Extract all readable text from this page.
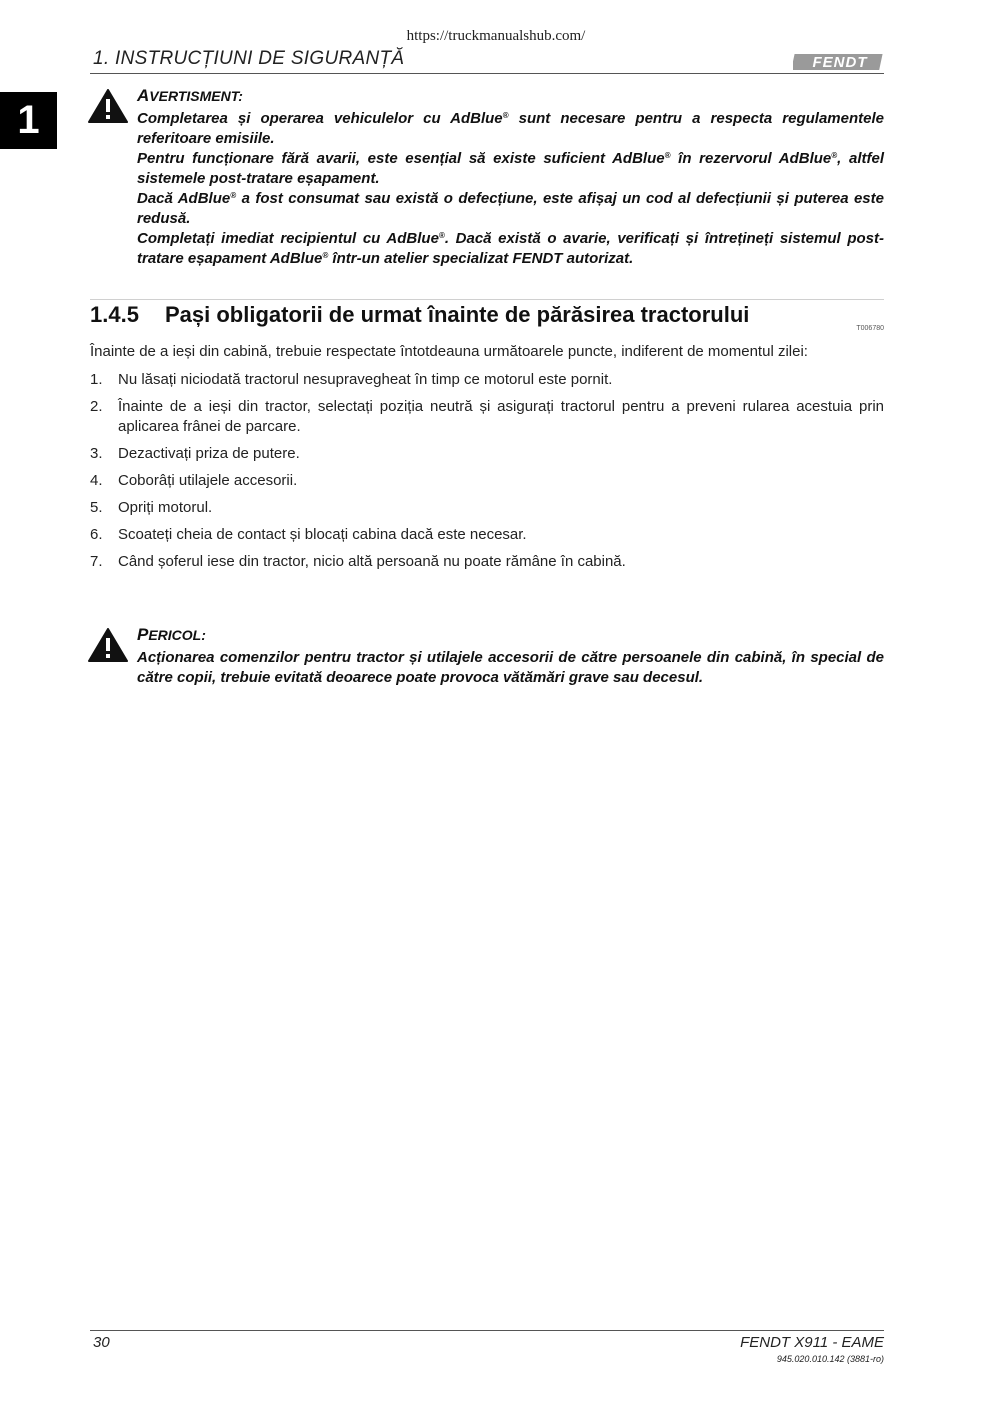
https://truckmanualshub.com/
1. INSTRUCȚIUNI DE SIGURANȚĂ	FENDT
1
AVERTISMENT:

Completarea și operarea vehiculelor cu AdBlue® sunt necesare pentru a respecta regulamentele referitoare emisiile.

Pentru funcționare fără avarii, este esențial să existe suficient AdBlue® în rezervorul AdBlue®, altfel sistemele post-tratare eșapament.

Dacă AdBlue® a fost consumat sau există o defecțiune, este afișaj un cod al defecțiunii și puterea este redusă.

Completați imediat recipientul cu AdBlue®. Dacă există o avarie, verificați și întrețineți sistemul post-tratare eșapament AdBlue® într-un atelier specializat FENDT autorizat.

1.4.5 Pași obligatorii de urmat înainte de părăsirea tractorului
T006780
Înainte de a ieși din cabină, trebuie respectate întotdeauna următoarele puncte, indiferent de momentul zilei:
1. Nu lăsați niciodată tractorul nesupravegheat în timp ce motorul este pornit.
2. Înainte de a ieși din tractor, selectați poziția neutră și asigurați tractorul pentru a preveni rularea acestuia prin aplicarea frânei de parcare.
3. Dezactivați priza de putere.
4. Coborâți utilajele accesorii.
5. Opriți motorul.
6. Scoateți cheia de contact și blocați cabina dacă este necesar.
7. Când șoferul iese din tractor, nicio altă persoană nu poate rămâne în cabină.
PERICOL:

Acționarea comenzilor pentru tractor și utilajele accesorii de către persoanele din cabină, în special de către copii, trebuie evitată deoarece poate provoca vătămări grave sau decesul.

30	FENDT X911 - EAME
945.020.010.142 (3881-ro)
